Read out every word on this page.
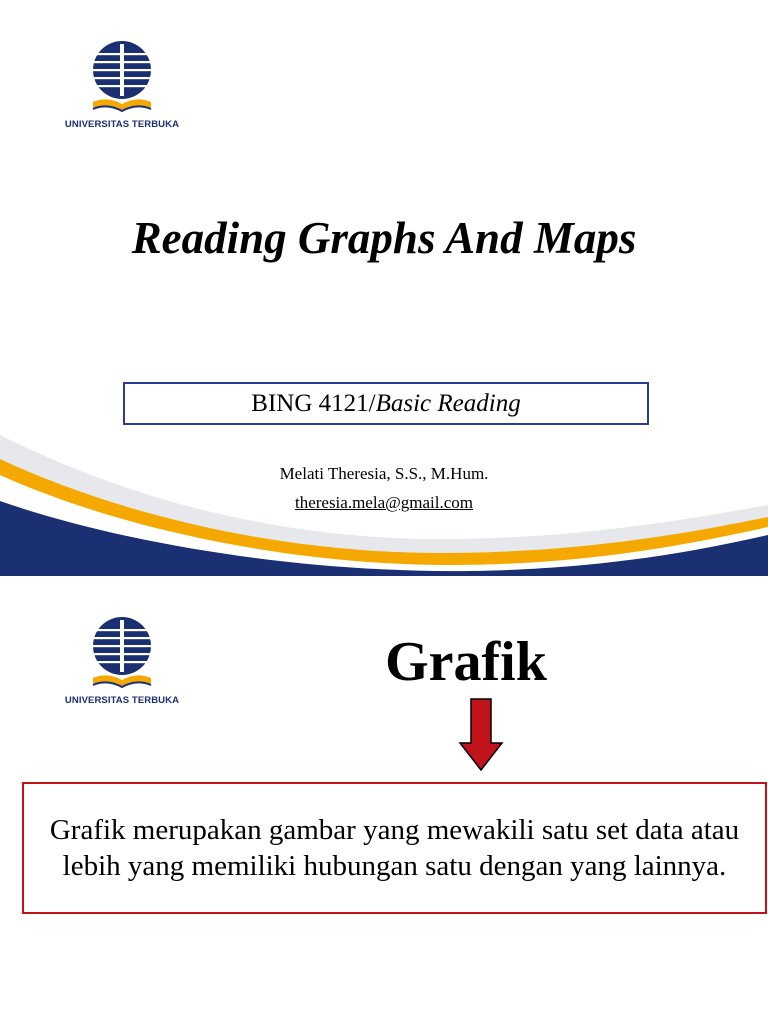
UNIVERSITAS TERBUKA
Reading Graphs And Maps
BING 4121/ Basic Reading
Melati Theresia, S.S., M.Hum.
theresia.mela@gmail.com
UNIVERSITAS TERBUKA
Grafik
Grafik merupakan gambar yang mewakili satu set data atau lebih yang memiliki hubungan satu dengan yang lainnya.
